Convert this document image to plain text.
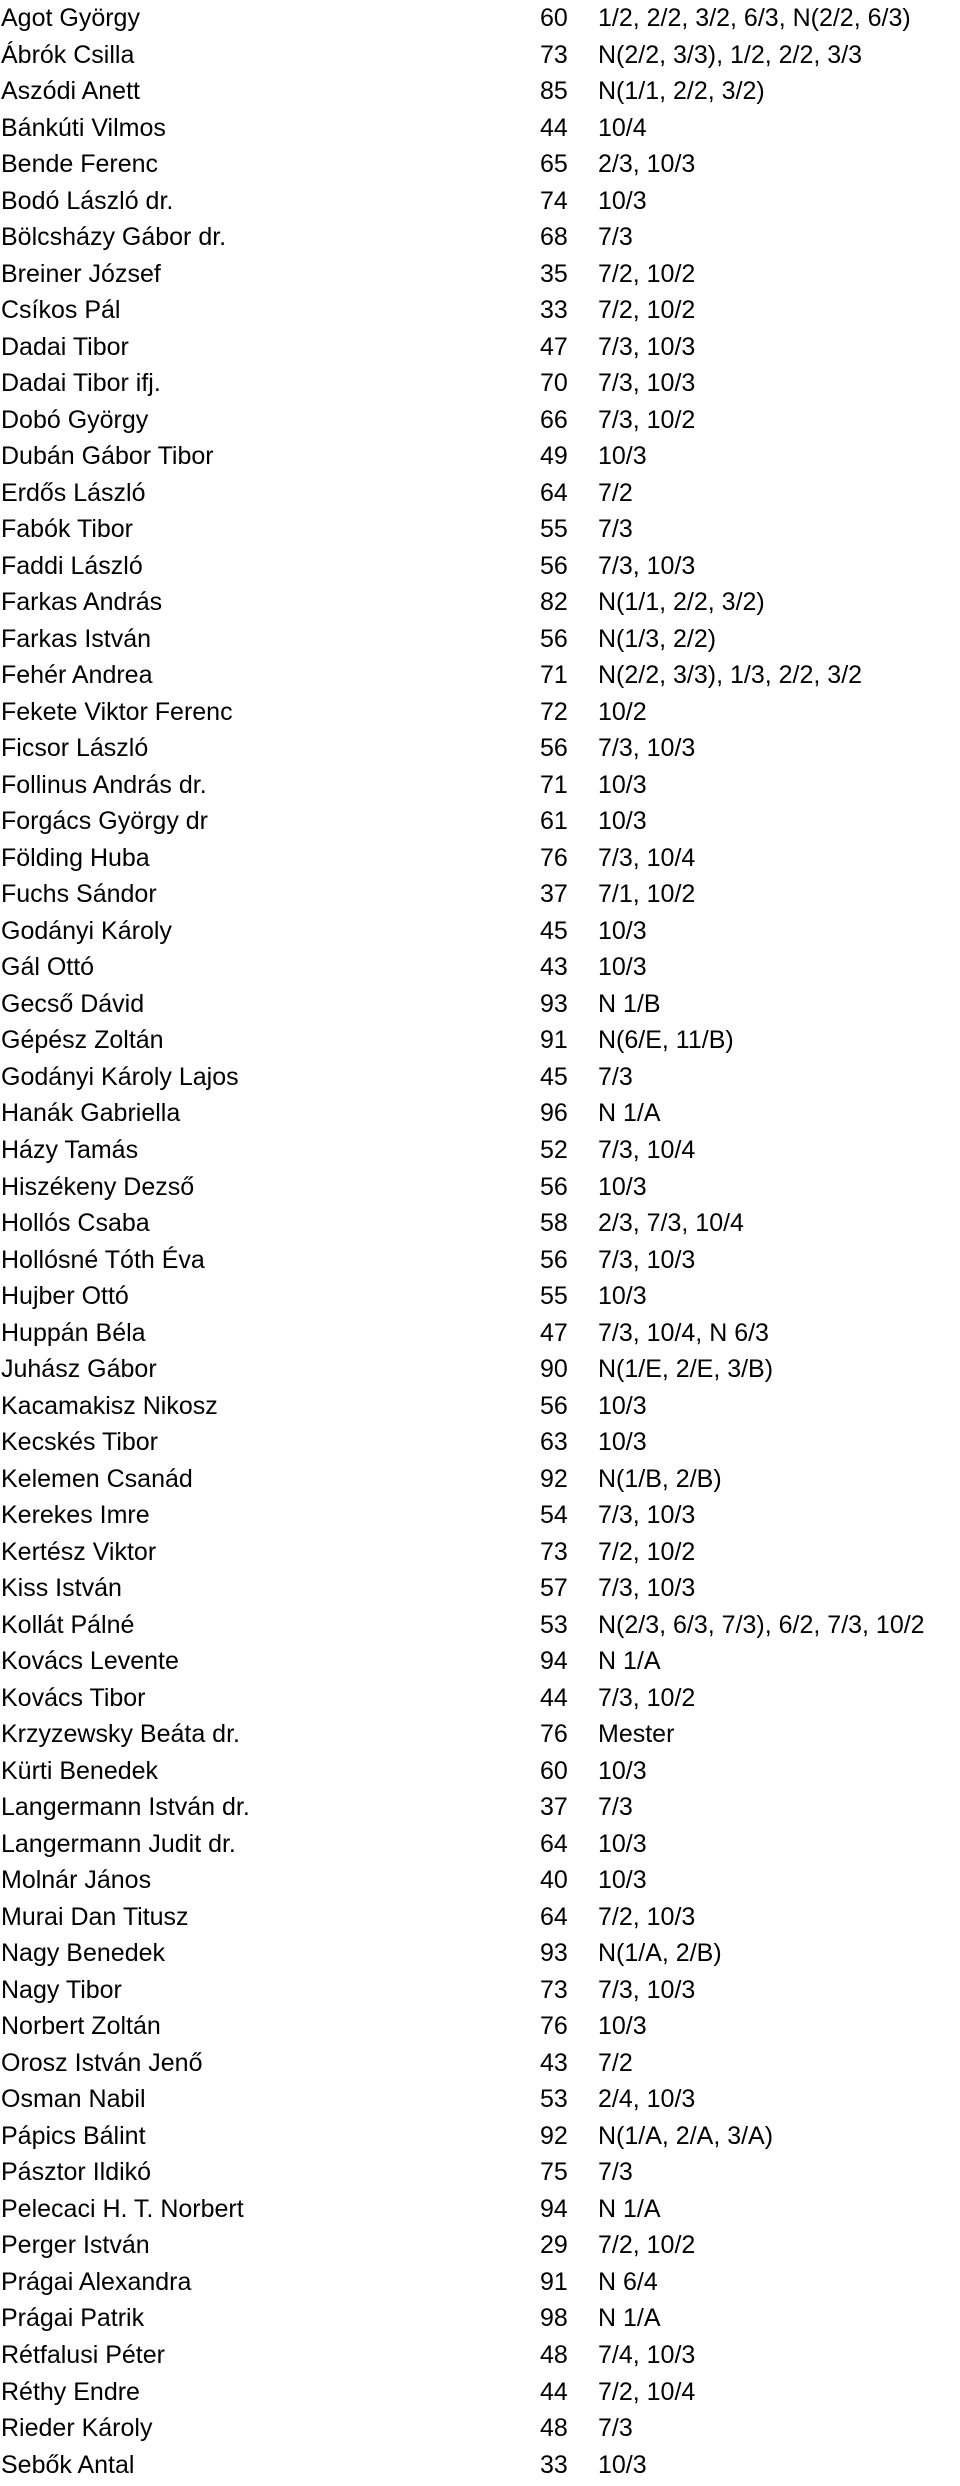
Agot György	60 1/2, 2/2, 3/2, 6/3, N(2/2, 6/3)
Ábrók Csilla	73 N(2/2, 3/3), 1/2, 2/2, 3/3
Aszódi Anett	85 N(1/1, 2/2, 3/2)
Bánkúti Vilmos	44 10/4
Bende Ferenc	65 2/3, 10/3
Bodó László dr.	74 10/3
Bölcsházy Gábor dr.	68 7/3
Breiner József	35 7/2, 10/2
Csíkos Pál	33 7/2, 10/2
Dadai Tibor	47 7/3, 10/3
Dadai Tibor ifj.	70 7/3, 10/3
Dobó György	66 7/3, 10/2
Dubán Gábor Tibor	49 10/3
Erdős László	64 7/2
Fabók Tibor	55 7/3
Faddi László	56 7/3, 10/3
Farkas András	82 N(1/1, 2/2, 3/2)
Farkas István	56 N(1/3, 2/2)
Fehér Andrea	71 N(2/2, 3/3), 1/3, 2/2, 3/2
Fekete Viktor Ferenc	72 10/2
Ficsor László	56 7/3, 10/3
Follinus András dr.	71 10/3
Forgács György dr	61 10/3
Földing Huba	76 7/3, 10/4
Fuchs Sándor	37 7/1, 10/2
Godányi Károly	45 10/3
Gál Ottó	43 10/3
Gecső Dávid	93 N 1/B
Gépész Zoltán	91 N(6/E, 11/B)
Godányi Károly Lajos	45 7/3
Hanák Gabriella	96 N 1/A
Házy Tamás	52 7/3, 10/4
Hiszékeny Dezső	56 10/3
Hollós Csaba	58 2/3, 7/3, 10/4
Hollósné Tóth Éva	56 7/3, 10/3
Hujber Ottó	55 10/3
Huppán Béla	47 7/3, 10/4, N 6/3
Juhász Gábor	90 N(1/E, 2/E, 3/B)
Kacamakisz Nikosz	56 10/3
Kecskés Tibor	63 10/3
Kelemen Csanád	92 N(1/B, 2/B)
Kerekes Imre	54 7/3, 10/3
Kertész Viktor	73 7/2, 10/2
Kiss István	57 7/3, 10/3
Kollát Pálné	53 N(2/3, 6/3, 7/3), 6/2, 7/3, 10/2
Kovács Levente	94 N 1/A
Kovács Tibor	44 7/3, 10/2
Krzyzewsky Beáta dr.	76 Mester
Kürti Benedek	60 10/3
Langermann István dr.	37 7/3
Langermann Judit dr.	64 10/3
Molnár János	40 10/3
Murai Dan Titusz	64 7/2, 10/3
Nagy Benedek	93 N(1/A, 2/B)
Nagy Tibor	73 7/3, 10/3
Norbert Zoltán	76 10/3
Orosz István Jenő	43 7/2
Osman Nabil	53 2/4, 10/3
Pápics Bálint	92 N(1/A, 2/A, 3/A)
Pásztor Ildikó	75 7/3
Pelecaci H. T. Norbert	94 N 1/A
Perger István	29 7/2, 10/2
Prágai Alexandra	91 N 6/4
Prágai Patrik	98 N 1/A
Rétfalusi Péter	48 7/4, 10/3
Réthy Endre	44 7/2, 10/4
Rieder Károly	48 7/3
Sebők Antal	33 10/3
